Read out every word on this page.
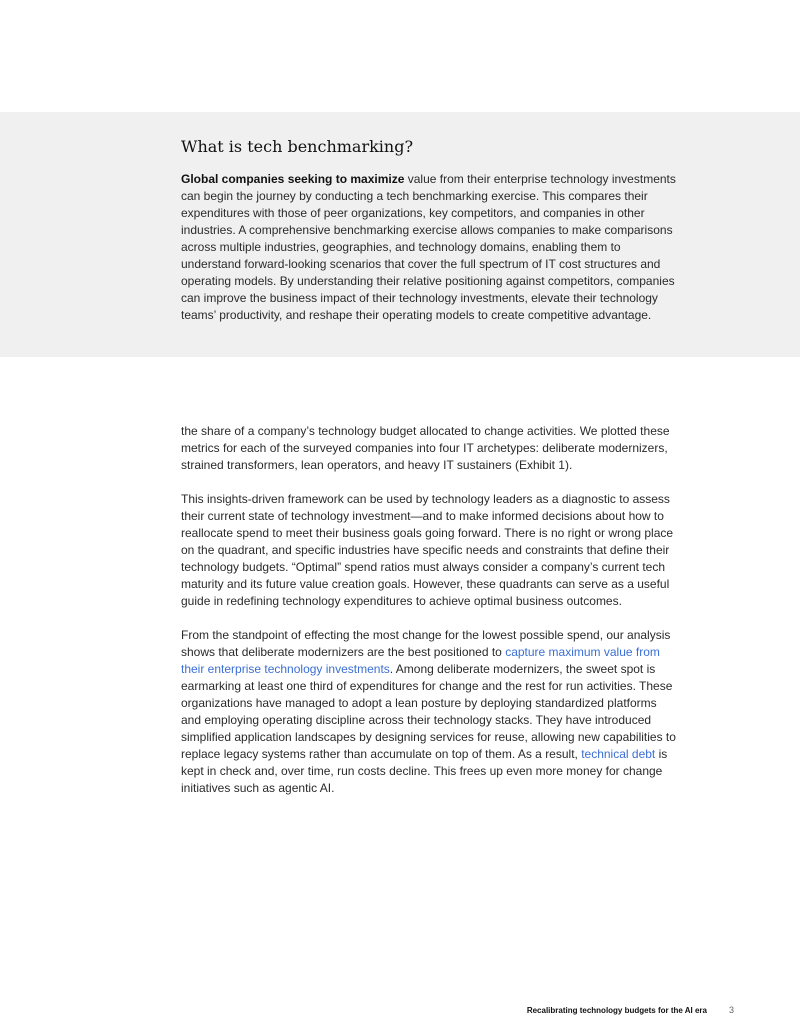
What is tech benchmarking?

Global companies seeking to maximize value from their enterprise technology investments can begin the journey by conducting a tech benchmarking exercise. This compares their expenditures with those of peer organizations, key competitors, and companies in other industries. A comprehensive benchmarking exercise allows companies to make comparisons across multiple industries, geographies, and technology domains, enabling them to understand forward-looking scenarios that cover the full spectrum of IT cost structures and operating models. By understanding their relative positioning against competitors, companies can improve the business impact of their technology investments, elevate their technology teams’ productivity, and reshape their operating models to create competitive advantage.

the share of a company’s technology budget allocated to change activities. We plotted these metrics for each of the surveyed companies into four IT archetypes: deliberate modernizers, strained transformers, lean operators, and heavy IT sustainers (Exhibit 1).

This insights-driven framework can be used by technology leaders as a diagnostic to assess their current state of technology investment—and to make informed decisions about how to reallocate spend to meet their business goals going forward. There is no right or wrong place on the quadrant, and specific industries have specific needs and constraints that define their technology budgets. “Optimal” spend ratios must always consider a company’s current tech maturity and its future value creation goals. However, these quadrants can serve as a useful guide in redefining technology expenditures to achieve optimal business outcomes.

From the standpoint of effecting the most change for the lowest possible spend, our analysis shows that deliberate modernizers are the best positioned to capture maximum value from their enterprise technology investments. Among deliberate modernizers, the sweet spot is earmarking at least one third of expenditures for change and the rest for run activities. These organizations have managed to adopt a lean posture by deploying standardized platforms and employing operating discipline across their technology stacks. They have introduced simplified application landscapes by designing services for reuse, allowing new capabilities to replace legacy systems rather than accumulate on top of them. As a result, technical debt is kept in check and, over time, run costs decline. This frees up even more money for change initiatives such as agentic AI.

Recalibrating technology budgets for the AI era 3
